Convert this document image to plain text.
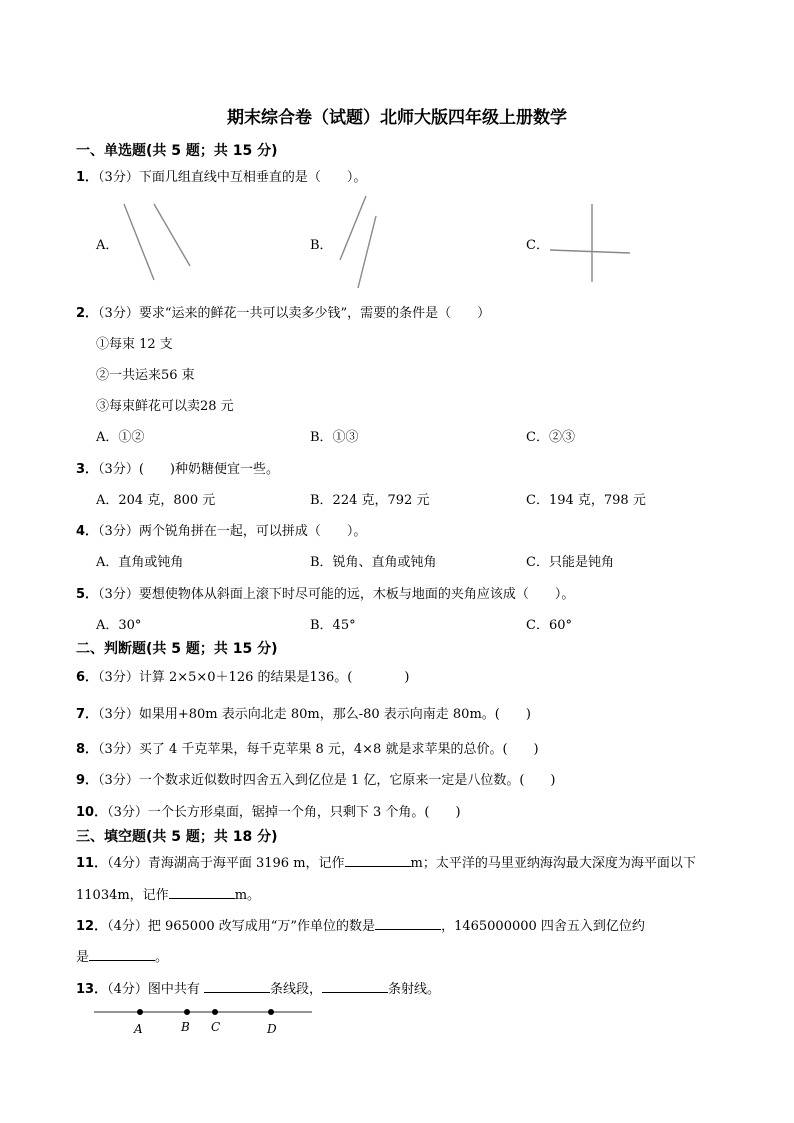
期末综合卷（试题）北师大版四年级上册数学
一、单选题(共 5 题；共 15 分)
1．（3分）下面几组直线中互相垂直的是（　　）。
A．	B．	C．
2．（3分）要求“运来的鲜花一共可以卖多少钱”，需要的条件是（　　）
①每束 12 支
②一共运来56 束
③每束鲜花可以卖28 元
A．①②	B．①③	C．②③
3．（3分）(　　)种奶糖便宜一些。
A．204 克，800 元	B．224 克，792 元	C．194 克，798 元
4．（3分）两个锐角拼在一起，可以拼成（　　）。
A．直角或钝角	B．锐角、直角或钝角	C．只能是钝角
5．（3分）要想使物体从斜面上滚下时尽可能的远，木板与地面的夹角应该成（　　）。
A．30°	B．45°	C．60°
二、判断题(共 5 题；共 15 分)
6．（3分）计算 2×5×0＋126 的结果是136。(　　　　)
7．（3分）如果用+80m 表示向北走 80m，那么-80 表示向南走 80m。(　　)
8．（3分）买了 4 千克苹果，每千克苹果 8 元，4×8 就是求苹果的总价。(　　)
9．（3分）一个数求近似数时四舍五入到亿位是 1 亿，它原来一定是八位数。(　　)
10．（3分）一个长方形桌面，锯掉一个角，只剩下 3 个角。(　　)
三、填空题(共 5 题；共 18 分)
11．（4分）青海湖高于海平面 3196 m，记作	m；太平洋的马里亚纳海沟最大深度为海平面以下
11034m，记作	m。
12．（4分）把 965000 改写成用“万”作单位的数是	，1465000000 四舍五入到亿位约
是	。
13．（4分）图中共有	条线段，	条射线。
A	B C	D
